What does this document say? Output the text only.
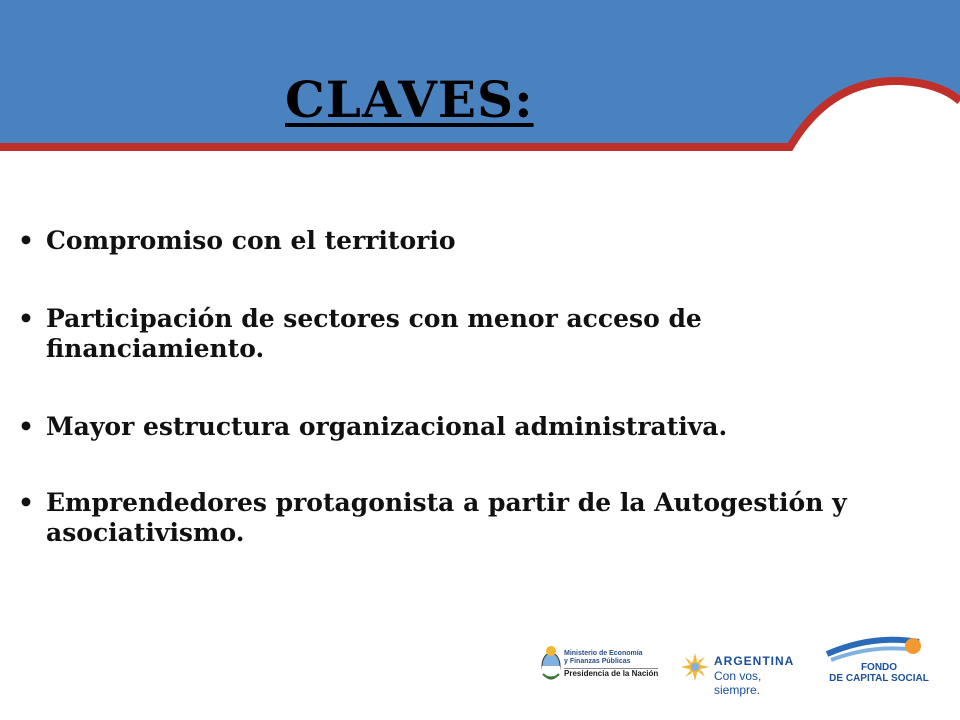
CLAVES:
• Compromiso con el territorio
• Participación de sectores con menor acceso de financiamiento.
• Mayor estructura organizacional administrativa.
• Emprendedores protagonista a partir de la Autogestión y asociativismo.
Ministerio de Economía
y Finanzas Públicas
Presidencia de la Nación
ARGENTINA
Con vos, siempre.
FONDO
DE CAPITAL SOCIAL
